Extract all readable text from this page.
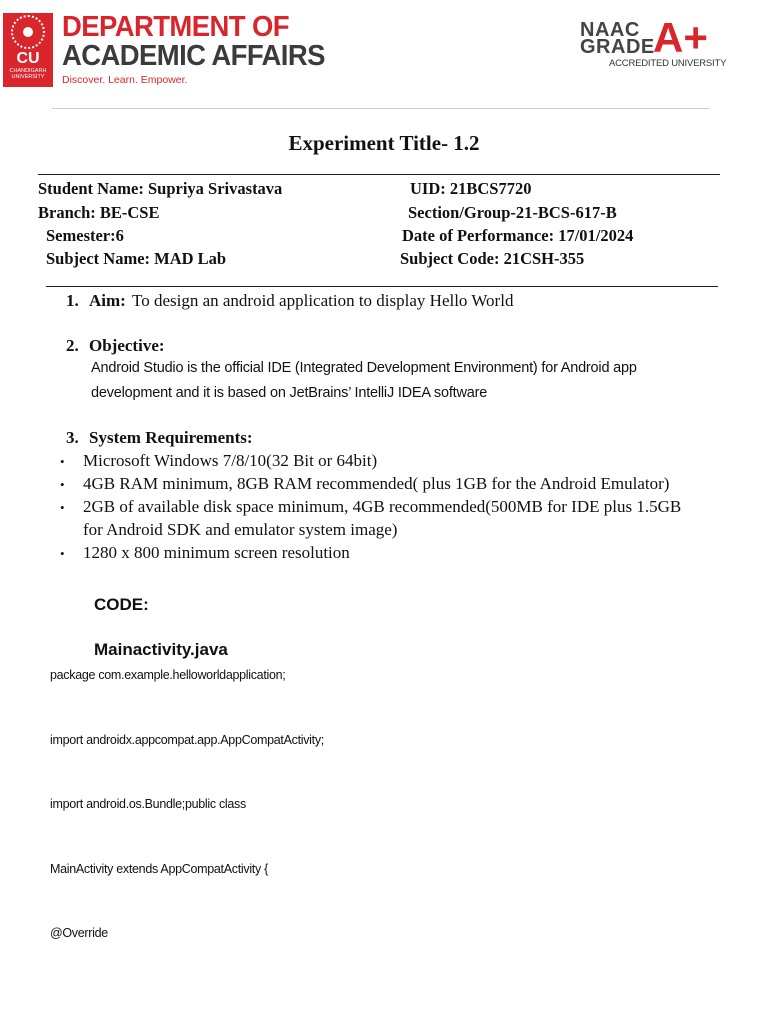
CU
CHANDIGARH UNIVERSITY
DEPARTMENT OF
ACADEMIC AFFAIRS
Discover. Learn. Empower.
NAAC
GRADE
A+
ACCREDITED UNIVERSITY
Experiment Title- 1.2
Student Name: Supriya Srivastava	UID: 21BCS7720
Branch: BE-CSE	Section/Group-21-BCS-617-B
Semester:6	Date of Performance: 17/01/2024
Subject Name: MAD Lab	Subject Code: 21CSH-355
1. Aim: To design an android application to display Hello World
2. Objective:
Android Studio is the official IDE (Integrated Development Environment) for Android app
development and it is based on JetBrains’ IntelliJ IDEA software
3. System Requirements:
• Microsoft Windows 7/8/10(32 Bit or 64bit)
• 4GB RAM minimum, 8GB RAM recommended( plus 1GB for the Android Emulator)
• 2GB of available disk space minimum, 4GB recommended(500MB for IDE plus 1.5GB
for Android SDK and emulator system image)
• 1280 x 800 minimum screen resolution
CODE:
Mainactivity.java
package com.example.helloworldapplication;
import androidx.appcompat.app.AppCompatActivity;
import android.os.Bundle;public class
MainActivity extends AppCompatActivity {
@Override
